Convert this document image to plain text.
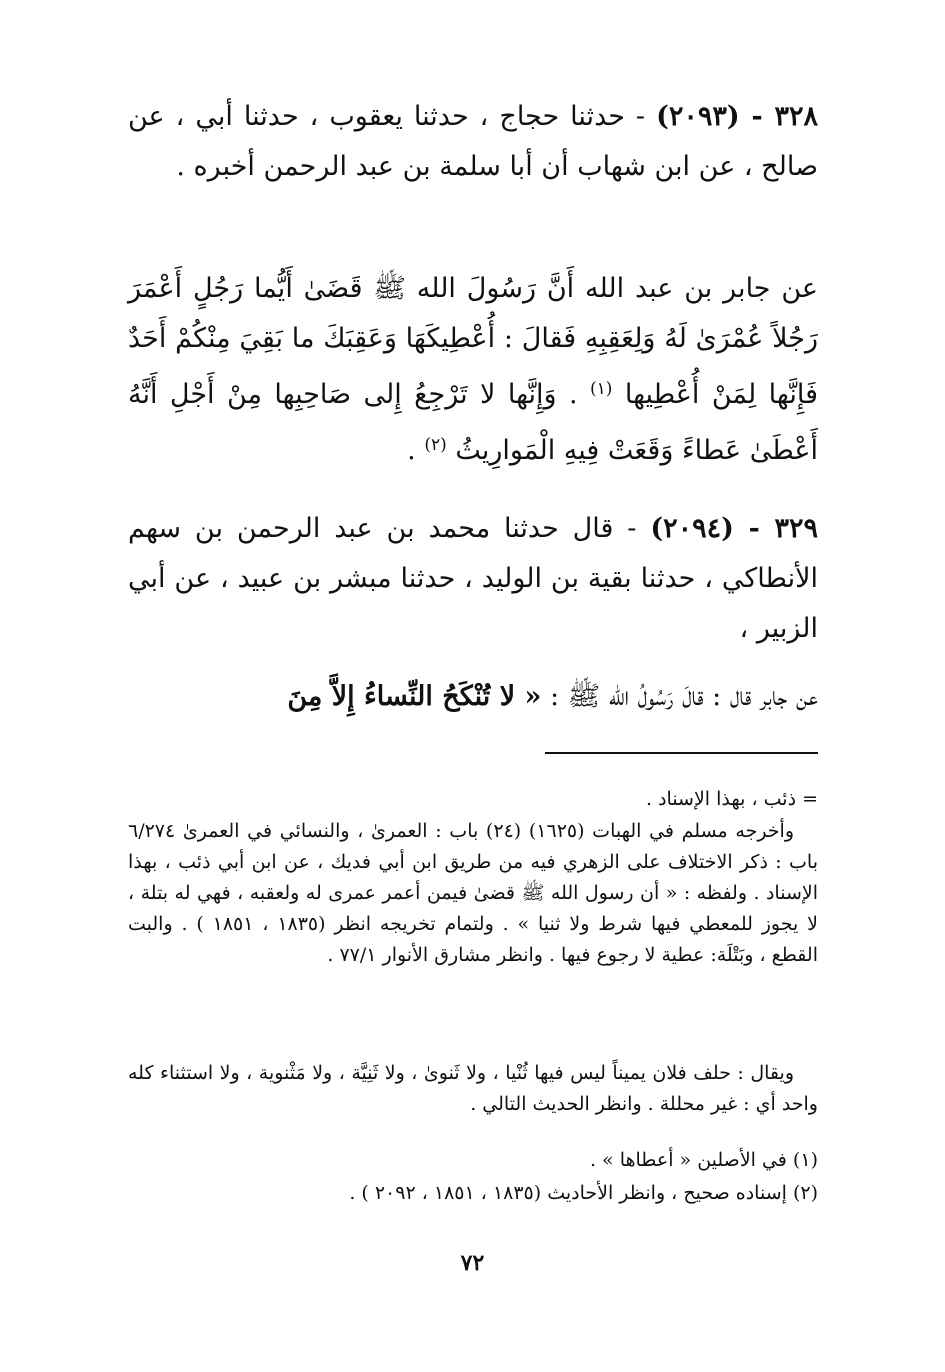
٣٢٨ - (٢٠٩٣) - حدثنا حجاج ، حدثنا يعقوب ، حدثنا أبي ، عن صالح ، عن ابن شهاب أن أبا سلمة بن عبد الرحمن أخبره .

عن جابر بن عبد الله أَنَّ رَسُولَ الله ﷺ قَضَىٰ أَيُّما رَجُلٍ أَعْمَرَ رَجُلاً عُمْرَىٰ لَهُ وَلِعَقِبِهِ فَقالَ : أُعْطِيكَهَا وَعَقِبَكَ ما بَقِيَ مِنْكُمْ أَحَدٌ فَإِنَّها لِمَنْ أُعْطِيها $^{(١)}$ . وَإِنَّها لا تَرْجِعُ إِلى صَاحِبِها مِنْ أَجْلِ أَنَّهُ أَعْطَىٰ عَطاءً وَقَعَتْ فِيهِ الْمَوارِيثُ $^{(٢)}$ .

٣٢٩ - (٢٠٩٤) - قال حدثنا محمد بن عبد الرحمن بن سهم الأنطاكي ، حدثنا بقية بن الوليد ، حدثنا مبشر بن عبيد ، عن أبي الزبير ،

عن جابر قال : قالَ رَسُولُ الله ﷺ : « لا تُنْكَحُ النِّساءُ إِلاَّ مِنَ

= ذئب ، بهذا الإسناد .

وأخرجه مسلم في الهبات (١٦٢٥) (٢٤) باب : العمرىٰ ، والنسائي في العمرىٰ ٦/٢٧٤ باب : ذكر الاختلاف على الزهري فيه من طريق ابن أبي فديك ، عن ابن أبي ذئب ، بهذا الإسناد . ولفظه : « أن رسول الله ﷺ قضىٰ فيمن أعمر عمرى له ولعقبه ، فهي له بتلة ، لا يجوز للمعطي فيها شرط ولا ثنيا » . ولتمام تخريجه انظر (١٨٣٥ ، ١٨٥١ ) . والبت القطع ، وبَتْلَة: عطية لا رجوع فيها . وانظر مشارق الأنوار ٧٧/١ .

ويقال : حلف فلان يميناً ليس فيها ثُنْيا ، ولا ثَنوىٰ ، ولا ثَنِيَّة ، ولا مَثْنوية ، ولا استثناء كله واحد أي : غير محللة . وانظر الحديث التالي .

(١) في الأصلين « أعطاها » .

(٢) إسناده صحيح ، وانظر الأحاديث (١٨٣٥ ، ١٨٥١ ، ٢٠٩٢ ) .

٧٢
